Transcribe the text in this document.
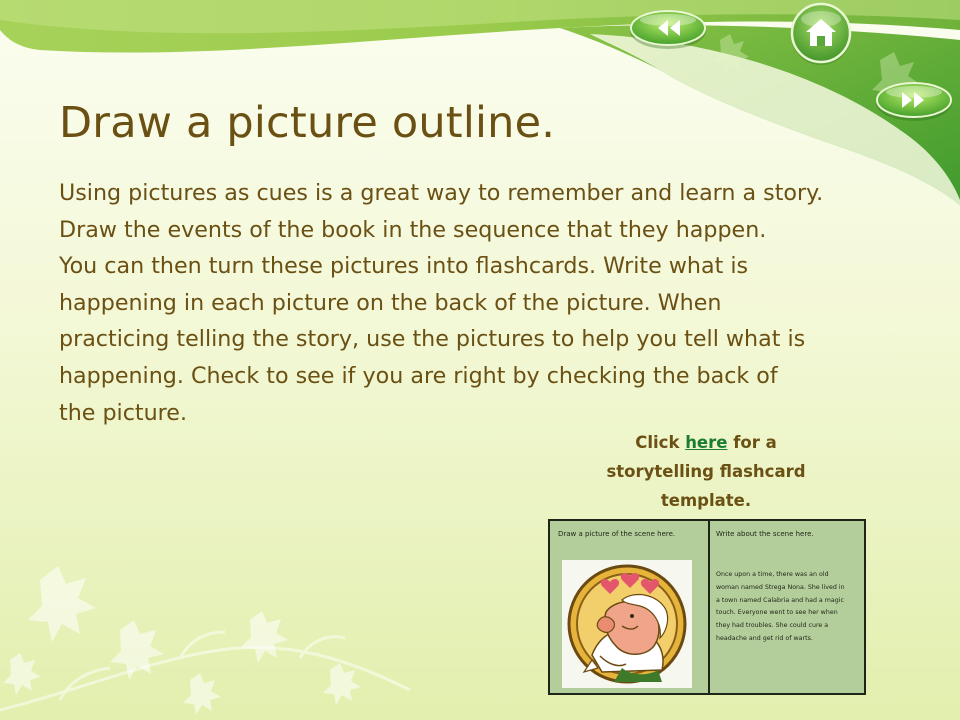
Draw a picture outline.

Using pictures as cues is a great way to remember and learn a story.
Draw the events of the book in the sequence that they happen.
You can then turn these pictures into flashcards. Write what is
happening in each picture on the back of the picture. When
practicing telling the story, use the pictures to help you tell what is
happening. Check to see if you are right by checking the back of
the picture.

Click here for a
storytelling flashcard
template.

Draw a picture of the scene here.	Write about the scene here.

Once upon a time, there was an old
woman named Strega Nona. She lived in
a town named Calabria and had a magic
touch. Everyone went to see her when
they had troubles. She could cure a
headache and get rid of warts.
